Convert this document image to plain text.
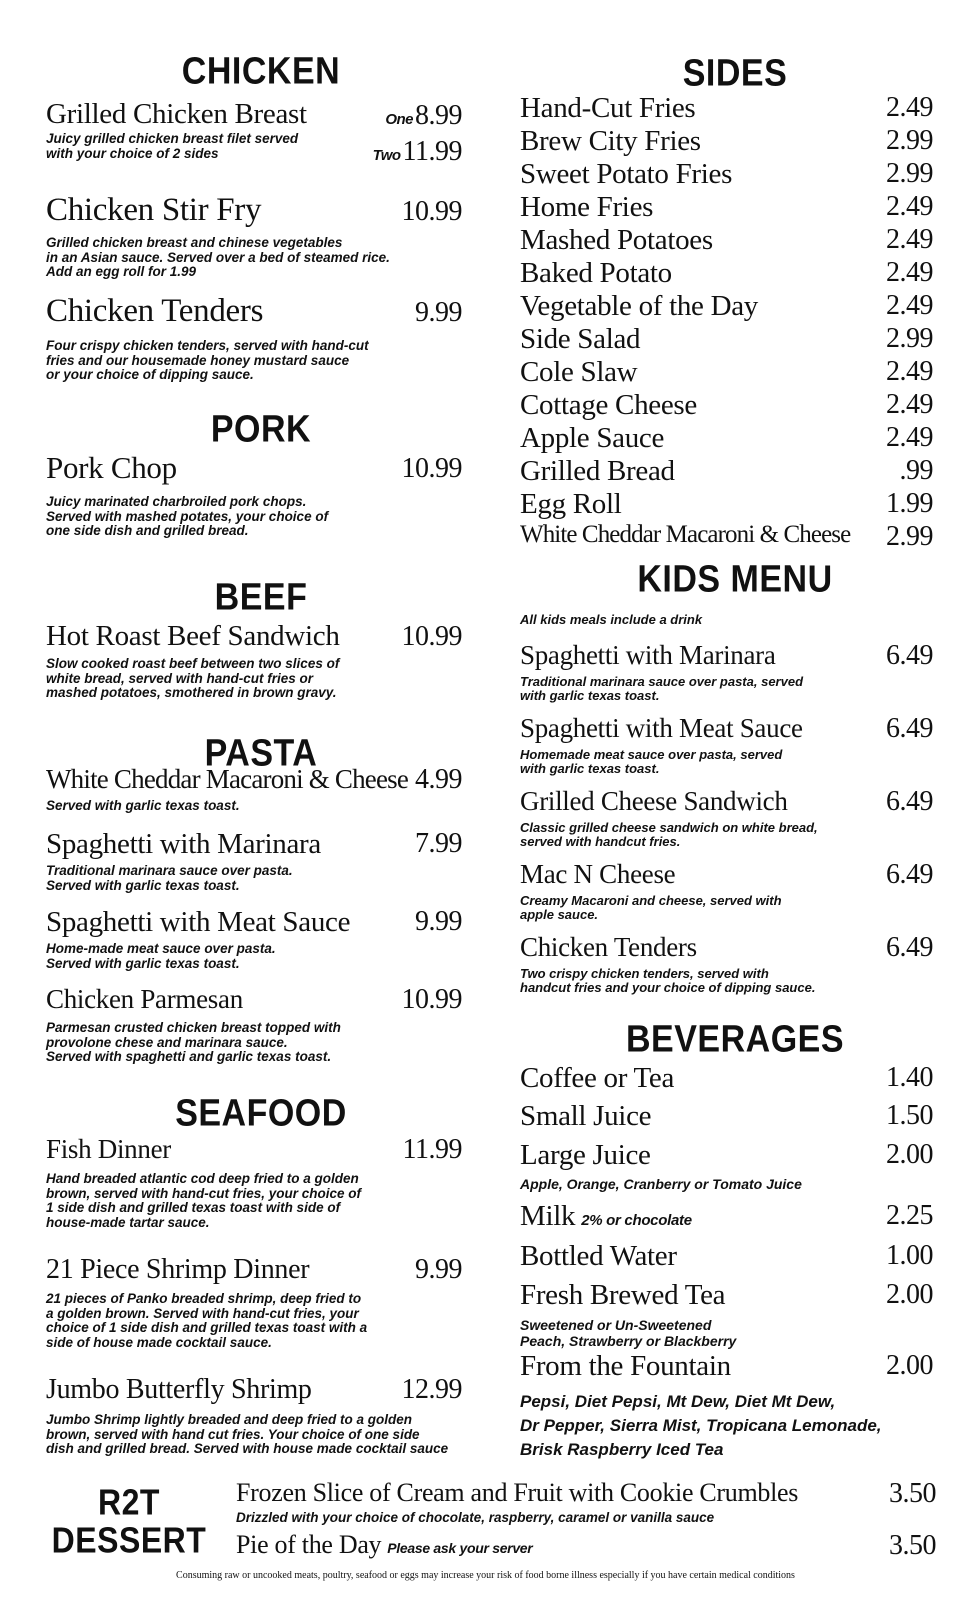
CHICKEN
Grilled Chicken Breast	One8.99
Two11.99
Juicy grilled chicken breast filet served
with your choice of 2 sides
Chicken Stir Fry	10.99
Grilled chicken breast and chinese vegetables
in an Asian sauce. Served over a bed of steamed rice.
Add an egg roll for 1.99
Chicken Tenders	9.99
Four crispy chicken tenders, served with hand-cut
fries and our housemade honey mustard sauce
or your choice of dipping sauce.
PORK
Pork Chop	10.99
Juicy marinated charbroiled pork chops.
Served with mashed potates, your choice of
one side dish and grilled bread.
BEEF
Hot Roast Beef Sandwich 10.99
Slow cooked roast beef between two slices of
white bread, served with hand-cut fries or
mashed potatoes, smothered in brown gravy.
PASTA
White Cheddar Macaroni & Cheese 4.99
Served with garlic texas toast.
Spaghetti with Marinara	7.99
Traditional marinara sauce over pasta.
Served with garlic texas toast.
Spaghetti with Meat Sauce 9.99
Home-made meat sauce over pasta.
Served with garlic texas toast.
Chicken Parmesan	10.99
Parmesan crusted chicken breast topped with
provolone chese and marinara sauce.
Served with spaghetti and garlic texas toast.
SEAFOOD
Fish Dinner	11.99
Hand breaded atlantic cod deep fried to a golden
brown, served with hand-cut fries, your choice of
1 side dish and grilled texas toast with side of
house-made tartar sauce.
21 Piece Shrimp Dinner	9.99
21 pieces of Panko breaded shrimp, deep fried to
a golden brown. Served with hand-cut fries, your
choice of 1 side dish and grilled texas toast with a
side of house made cocktail sauce.
Jumbo Butterfly Shrimp	12.99
Jumbo Shrimp lightly breaded and deep fried to a golden
brown, served with hand cut fries. Your choice of one side
dish and grilled bread. Served with house made cocktail sauce
SIDES
Hand-Cut Fries	2.49
Brew City Fries	2.99
Sweet Potato Fries	2.99
Home Fries	2.49
Mashed Potatoes	2.49
Baked Potato	2.49
Vegetable of the Day	2.49
Side Salad	2.99
Cole Slaw	2.49
Cottage Cheese	2.49
Apple Sauce	2.49
Grilled Bread	.99
Egg Roll	1.99
White Cheddar Macaroni & Cheese 2.99
KIDS MENU
All kids meals include a drink
Spaghetti with Marinara	6.49
Traditional marinara sauce over pasta, served
with garlic texas toast.
Spaghetti with Meat Sauce	6.49
Homemade meat sauce over pasta, served
with garlic texas toast.
Grilled Cheese Sandwich	6.49
Classic grilled cheese sandwich on white bread,
served with handcut fries.
Mac N Cheese	6.49
Creamy Macaroni and cheese, served with
apple sauce.
Chicken Tenders	6.49
Two crispy chicken tenders, served with
handcut fries and your choice of dipping sauce.
BEVERAGES
Coffee or Tea	1.40
Small Juice	1.50
Large Juice	2.00
Apple, Orange, Cranberry or Tomato Juice
Milk 2% or chocolate	2.25
Bottled Water	1.00
Fresh Brewed Tea	2.00
Sweetened or Un-Sweetened
Peach, Strawberry or Blackberry
From the Fountain	2.00
Pepsi, Diet Pepsi, Mt Dew, Diet Mt Dew,
Dr Pepper, Sierra Mist, Tropicana Lemonade,
Brisk Raspberry Iced Tea
R2T
DESSERT
Frozen Slice of Cream and Fruit with Cookie Crumbles	3.50
Drizzled with your choice of chocolate, raspberry, caramel or vanilla sauce
Pie of the Day Please ask your server	3.50
Consuming raw or uncooked meats, poultry, seafood or eggs may increase your risk of food borne illness especially if you have certain medical conditions
